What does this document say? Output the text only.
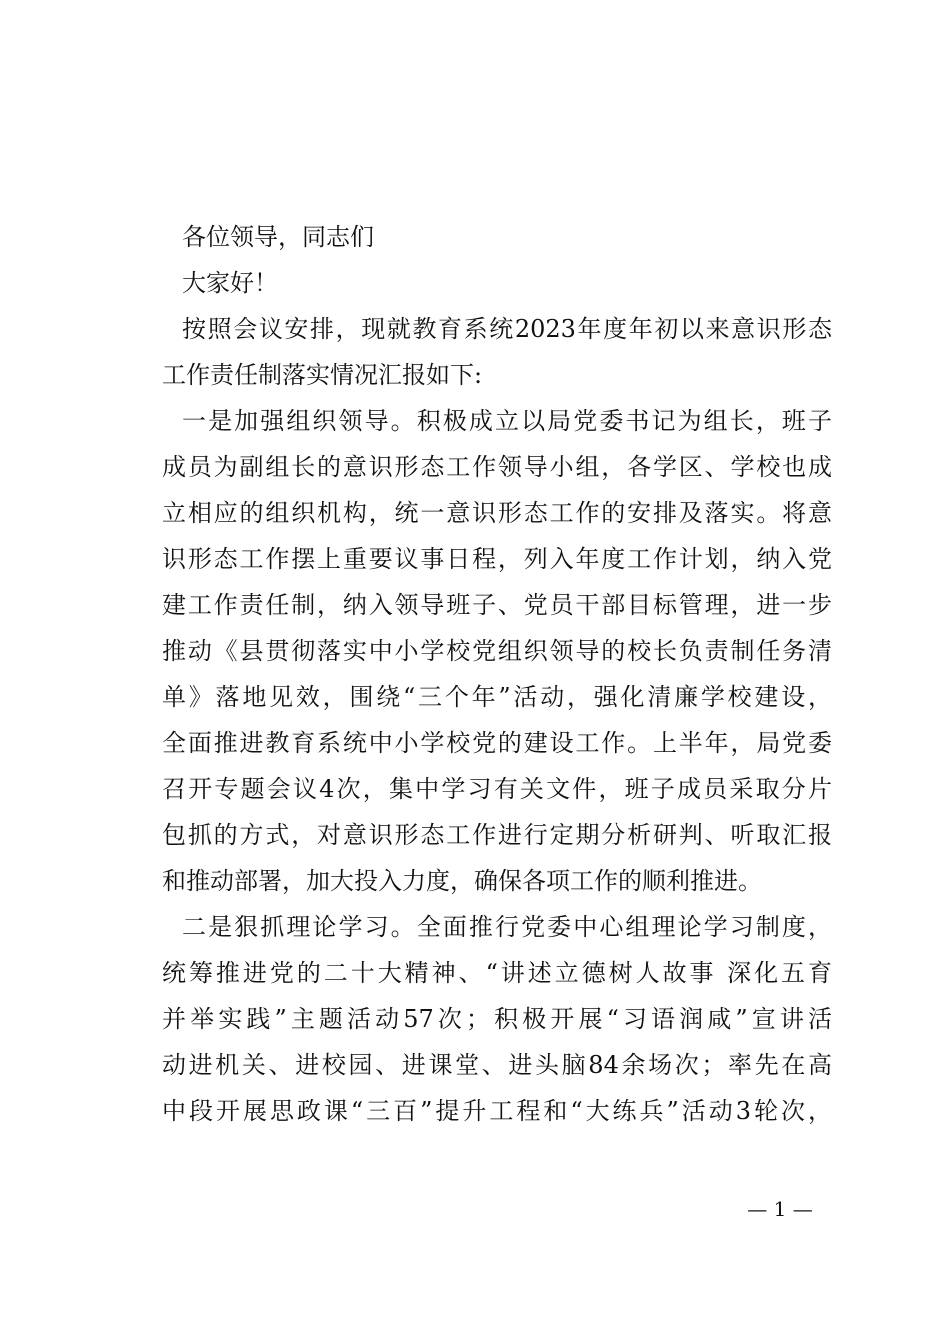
各位领导，同志们
大家好！
按照会议安排，现就教育系统2023年度年初以来意识形态
工作责任制落实情况汇报如下:
一是加强组织领导。积极成立以局党委书记为组长，班子
成员为副组长的意识形态工作领导小组，各学区、学校也成
立相应的组织机构，统一意识形态工作的安排及落实。将意
识形态工作摆上重要议事日程，列入年度工作计划，纳入党
建工作责任制，纳入领导班子、党员干部目标管理，进一步
推动《县贯彻落实中小学校党组织领导的校长负责制任务清
单》落地见效，围绕“三个年”活动，强化清廉学校建设，
全面推进教育系统中小学校党的建设工作。上半年，局党委
召开专题会议4次，集中学习有关文件，班子成员采取分片
包抓的方式，对意识形态工作进行定期分析研判、听取汇报
和推动部署，加大投入力度，确保各项工作的顺利推进。
二是狠抓理论学习。全面推行党委中心组理论学习制度，
统筹推进党的二十大精神、“讲述立德树人故事 深化五育
并举实践”主题活动57次；积极开展“习语润咸”宣讲活
动进机关、进校园、进课堂、进头脑84余场次；率先在高
中段开展思政课“三百”提升工程和“大练兵”活动3轮次，
— 1 —
